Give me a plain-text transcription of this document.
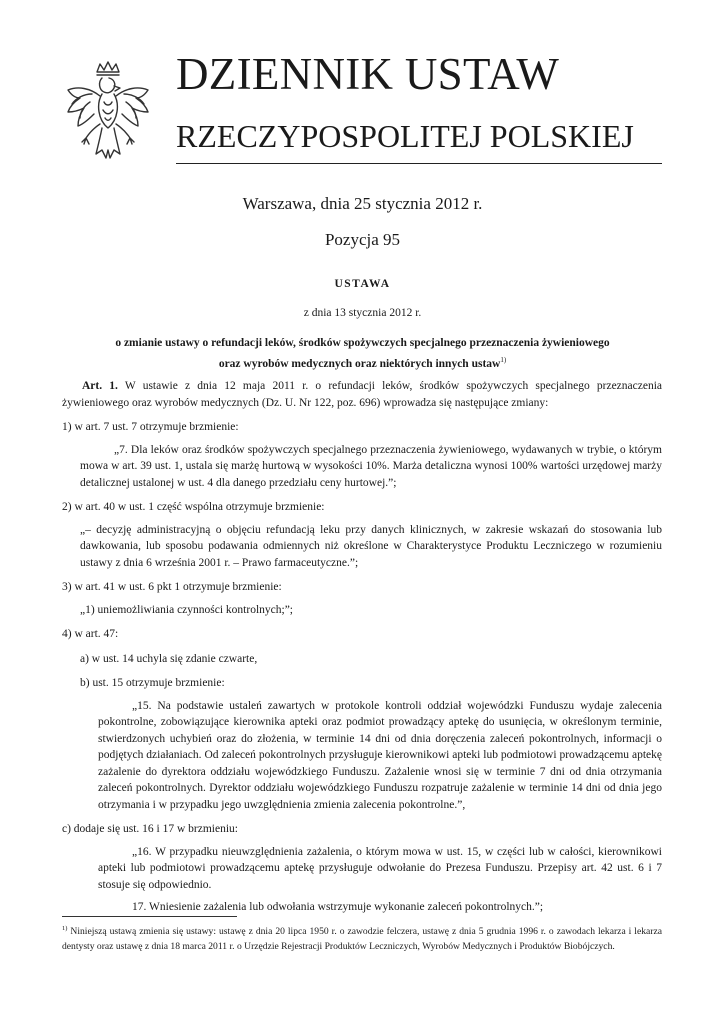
DZIENNIK USTAW
RZECZYPOSPOLITEJ POLSKIEJ
Warszawa, dnia 25 stycznia 2012 r.
Pozycja 95
USTAWA
z dnia 13 stycznia 2012 r.
o zmianie ustawy o refundacji leków, środków spożywczych specjalnego przeznaczenia żywieniowego
oraz wyrobów medycznych oraz niektórych innych ustaw$^{1)}$

Art. 1. W ustawie z dnia 12 maja 2011 r. o refundacji leków, środków spożywczych specjalnego przeznaczenia żywieniowego oraz wyrobów medycznych (Dz. U. Nr 122, poz. 696) wprowadza się następujące zmiany:

1) w art. 7 ust. 7 otrzymuje brzmienie:

„7. Dla leków oraz środków spożywczych specjalnego przeznaczenia żywieniowego, wydawanych w trybie, o którym mowa w art. 39 ust. 1, ustala się marżę hurtową w wysokości 10%. Marża detaliczna wynosi 100% wartości urzędowej marży detalicznej ustalonej w ust. 4 dla danego przedziału ceny hurtowej.”;

2) w art. 40 w ust. 1 część wspólna otrzymuje brzmienie:

„– decyzję administracyjną o objęciu refundacją leku przy danych klinicznych, w zakresie wskazań do stosowania lub dawkowania, lub sposobu podawania odmiennych niż określone w Charakterystyce Produktu Leczniczego w rozumieniu ustawy z dnia 6 września 2001 r. – Prawo farmaceutyczne.”;

3) w art. 41 w ust. 6 pkt 1 otrzymuje brzmienie:

„1) uniemożliwiania czynności kontrolnych;”;

4) w art. 47:

a) w ust. 14 uchyla się zdanie czwarte,

b) ust. 15 otrzymuje brzmienie:

„15. Na podstawie ustaleń zawartych w protokole kontroli oddział wojewódzki Funduszu wydaje zalecenia pokontrolne, zobowiązujące kierownika apteki oraz podmiot prowadzący aptekę do usunięcia, w określonym terminie, stwierdzonych uchybień oraz do złożenia, w terminie 14 dni od dnia doręczenia zaleceń pokontrolnych, informacji o podjętych działaniach. Od zaleceń pokontrolnych przysługuje kierownikowi apteki lub podmiotowi prowadzącemu aptekę zażalenie do dyrektora oddziału wojewódzkiego Funduszu. Zażalenie wnosi się w terminie 7 dni od dnia otrzymania zaleceń pokontrolnych. Dyrektor oddziału wojewódzkiego Funduszu rozpatruje zażalenie w terminie 14 dni od dnia jego otrzymania i w przypadku jego uwzględnienia zmienia zalecenia pokontrolne.”,

c) dodaje się ust. 16 i 17 w brzmieniu:

„16. W przypadku nieuwzględnienia zażalenia, o którym mowa w ust. 15, w części lub w całości, kierownikowi apteki lub podmiotowi prowadzącemu aptekę przysługuje odwołanie do Prezesa Funduszu. Przepisy art. 42 ust. 6 i 7 stosuje się odpowiednio.

17. Wniesienie zażalenia lub odwołania wstrzymuje wykonanie zaleceń pokontrolnych.”;

$^{1)}$ Niniejszą ustawą zmienia się ustawy: ustawę z dnia 20 lipca 1950 r. o zawodzie felczera, ustawę z dnia 5 grudnia 1996 r. o zawodach lekarza i lekarza dentysty oraz ustawę z dnia 18 marca 2011 r. o Urzędzie Rejestracji Produktów Leczniczych, Wyrobów Medycznych i Produktów Biobójczych.
